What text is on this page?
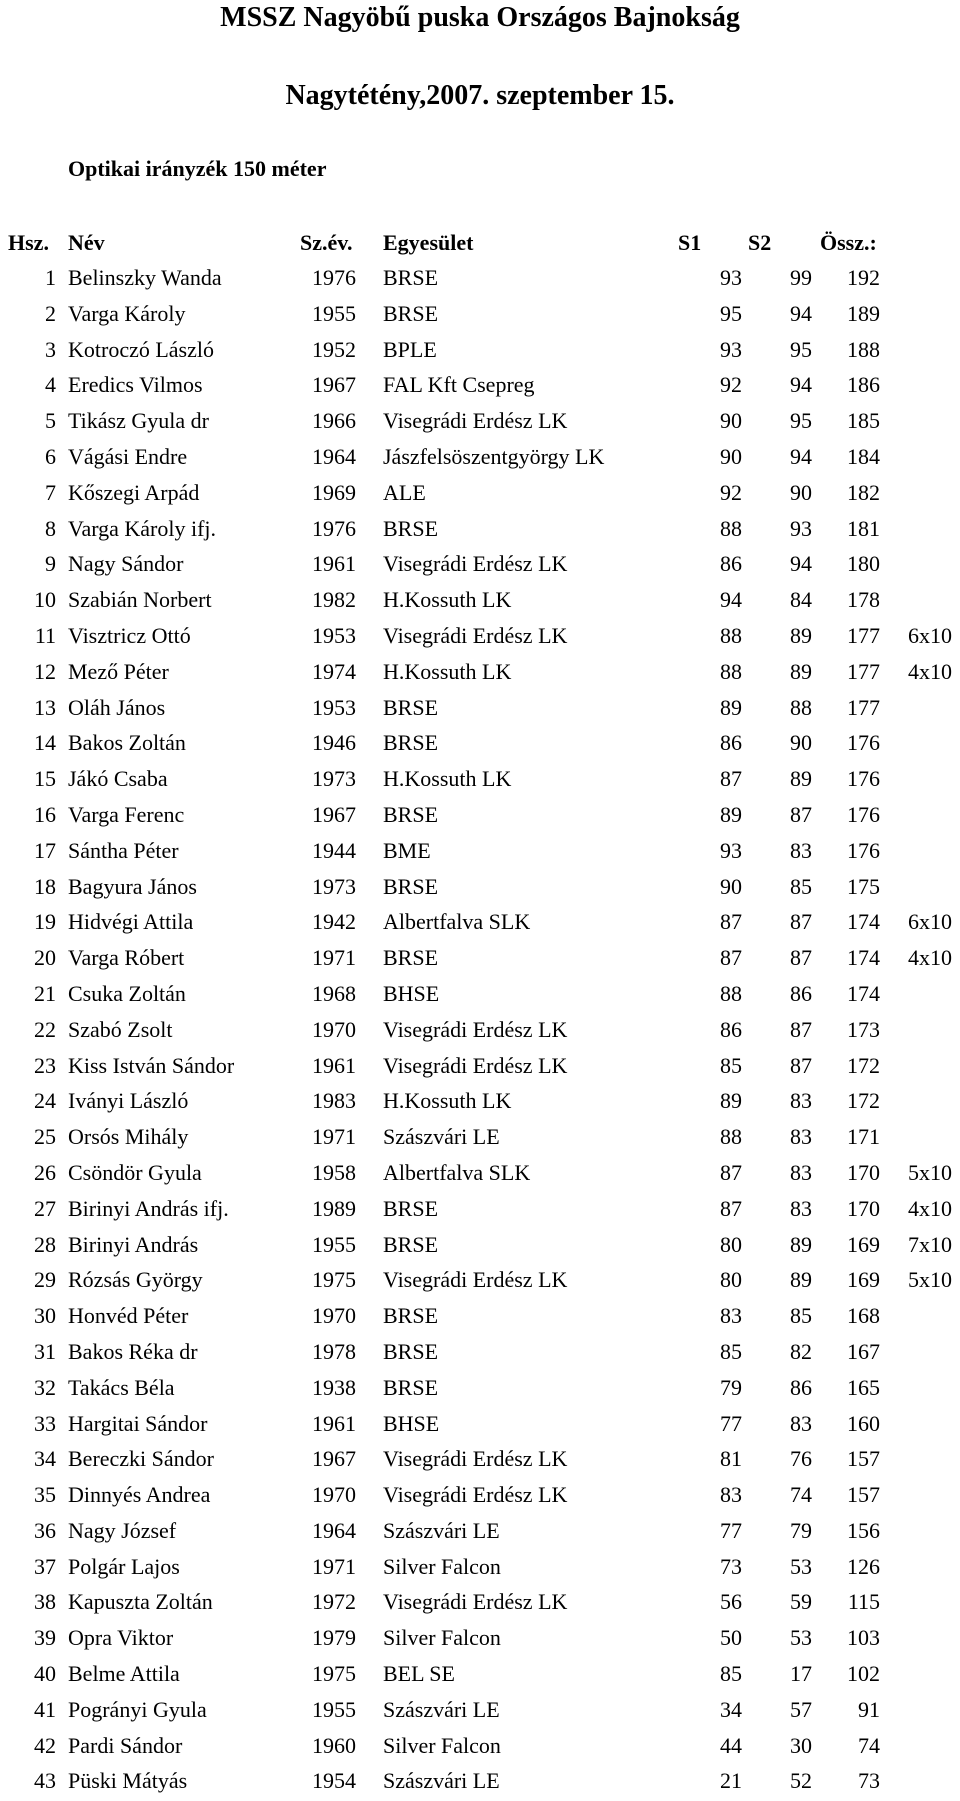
MSSZ Nagyöbű puska Országos Bajnokság
Nagytétény,2007. szeptember 15.
Optikai irányzék 150 méter
Hsz. Név	Sz.év. Egyesület	S1 S2 Össz.:
1 Belinszky Wanda	1976 BRSE	93	99	192
2 Varga Károly	1955 BRSE	95	94	189
3 Kotroczó László	1952 BPLE	93	95	188
4 Eredics Vilmos	1967 FAL Kft Csepreg	92	94	186
5 Tikász Gyula dr	1966 Visegrádi Erdész LK	90	95	185
6 Vágási Endre	1964 Jászfelsöszentgyörgy LK	90	94	184
7 Kőszegi Arpád	1969 ALE	92	90	182
8 Varga Károly ifj.	1976 BRSE	88	93	181
9 Nagy Sándor	1961 Visegrádi Erdész LK	86	94	180
10 Szabián Norbert	1982 H.Kossuth LK	94	84	178
11 Visztricz Ottó	1953 Visegrádi Erdész LK	88	89	177	6x10
12 Mező Péter	1974 H.Kossuth LK	88	89	177	4x10
13 Oláh János	1953 BRSE	89	88	177
14 Bakos Zoltán	1946 BRSE	86	90	176
15 Jákó Csaba	1973 H.Kossuth LK	87	89	176
16 Varga Ferenc	1967 BRSE	89	87	176
17 Sántha Péter	1944 BME	93	83	176
18 Bagyura János	1973 BRSE	90	85	175
19 Hidvégi Attila	1942 Albertfalva SLK	87	87	174	6x10
20 Varga Róbert	1971 BRSE	87	87	174	4x10
21 Csuka Zoltán	1968 BHSE	88	86	174
22 Szabó Zsolt	1970 Visegrádi Erdész LK	86	87	173
23 Kiss István Sándor	1961 Visegrádi Erdész LK	85	87	172
24 Iványi László	1983 H.Kossuth LK	89	83	172
25 Orsós Mihály	1971 Szászvári LE	88	83	171
26 Csöndör Gyula	1958 Albertfalva SLK	87	83	170	5x10
27 Birinyi András ifj.	1989 BRSE	87	83	170	4x10
28 Birinyi András	1955 BRSE	80	89	169	7x10
29 Rózsás György	1975 Visegrádi Erdész LK	80	89	169	5x10
30 Honvéd Péter	1970 BRSE	83	85	168
31 Bakos Réka dr	1978 BRSE	85	82	167
32 Takács Béla	1938 BRSE	79	86	165
33 Hargitai Sándor	1961 BHSE	77	83	160
34 Bereczki Sándor	1967 Visegrádi Erdész LK	81	76	157
35 Dinnyés Andrea	1970 Visegrádi Erdész LK	83	74	157
36 Nagy József	1964 Szászvári LE	77	79	156
37 Polgár Lajos	1971 Silver Falcon	73	53	126
38 Kapuszta Zoltán	1972 Visegrádi Erdész LK	56	59	115
39 Opra Viktor	1979 Silver Falcon	50	53	103
40 Belme Attila	1975 BEL SE	85	17	102
41 Pogrányi Gyula	1955 Szászvári LE	34	57	91
42 Pardi Sándor	1960 Silver Falcon	44	30	74
43 Püski Mátyás	1954 Szászvári LE	21	52	73
